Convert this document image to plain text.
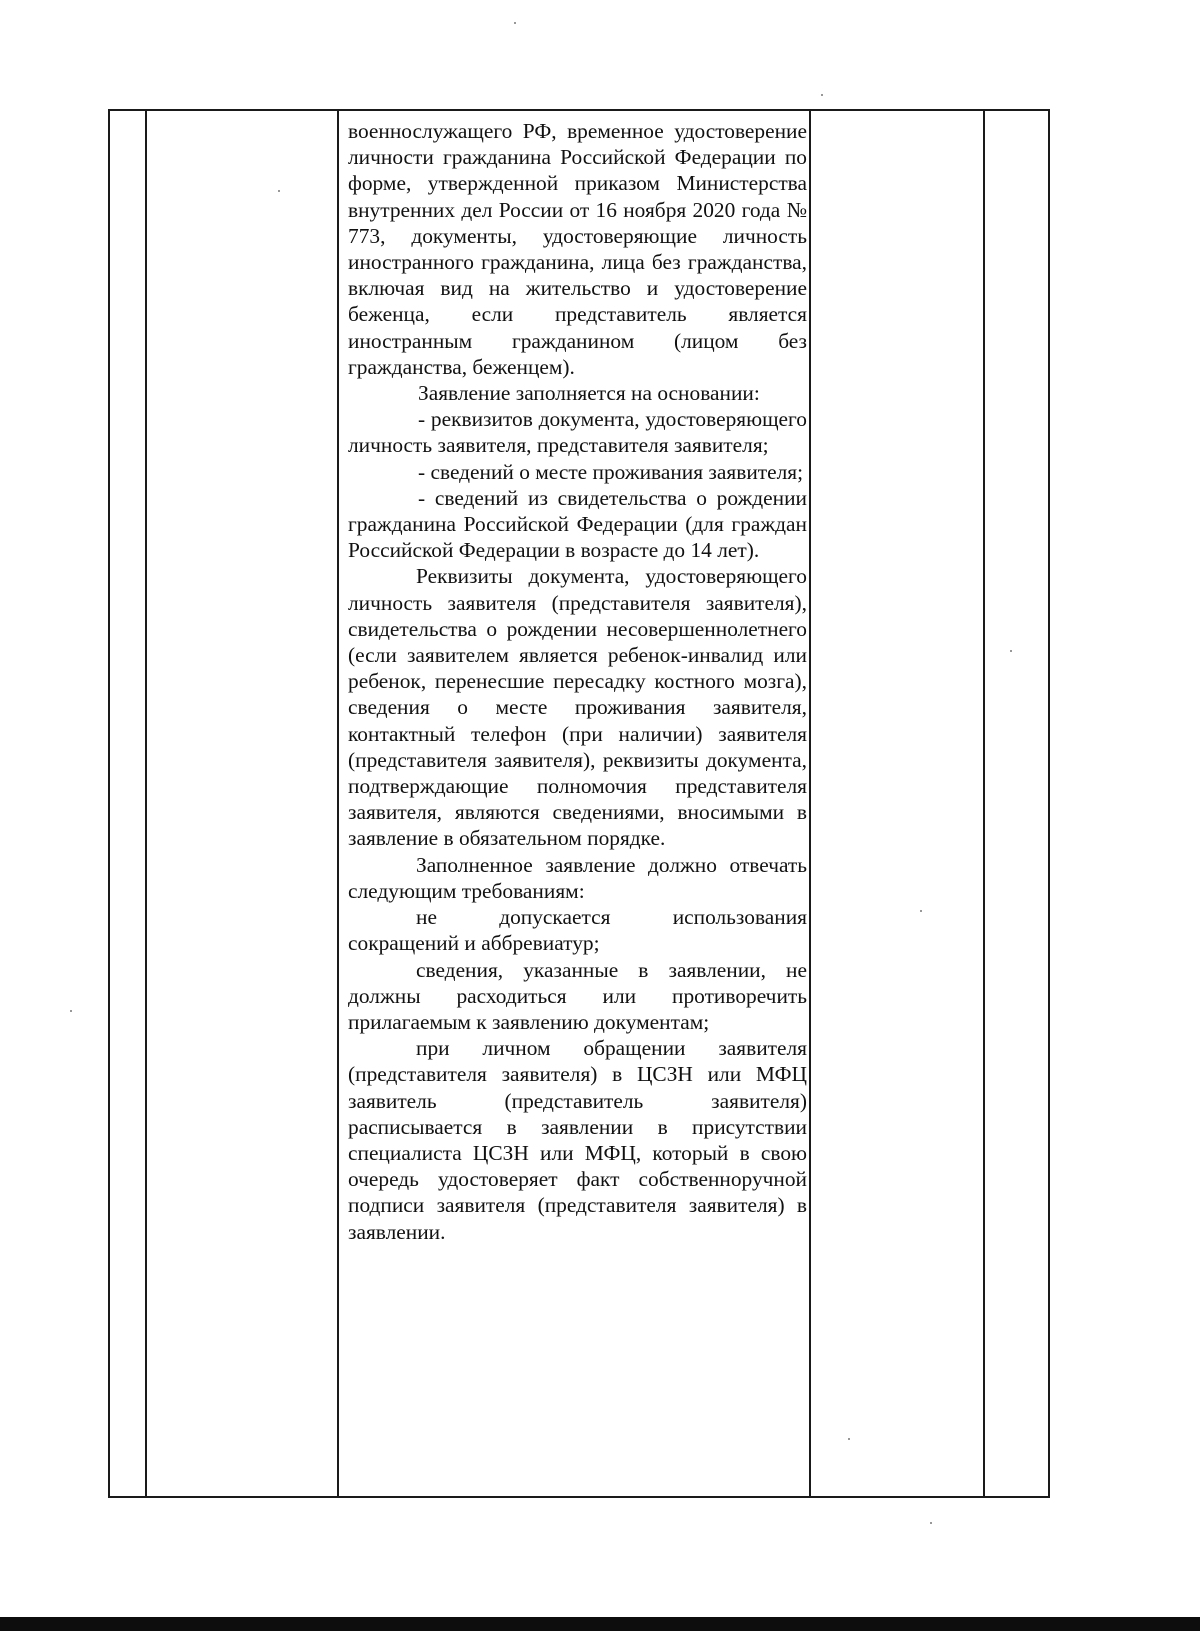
военнослужащего РФ, временное удостоверение личности гражданина Российской Федерации по форме, утвержденной приказом Министерства внутренних дел России от 16 ноября 2020 года № 773, документы, удостоверяющие личность иностранного гражданина, лица без гражданства, включая вид на жительство и удостоверение беженца, если представитель является иностранным гражданином (лицом без гражданства, беженцем).

Заявление заполняется на основании:

- реквизитов документа, удостоверяющего личность заявителя, представителя заявителя;

- сведений о месте проживания заявителя;

- сведений из свидетельства о рождении гражданина Российской Федерации (для граждан Российской Федерации в возрасте до 14 лет).

Реквизиты документа, удостоверяющего личность заявителя (представителя заявителя), свидетельства о рождении несовершеннолетнего (если заявителем является ребенок-инвалид или ребенок, перенесшие пересадку костного мозга), сведения о месте проживания заявителя, контактный телефон (при наличии) заявителя (представителя заявителя), реквизиты документа, подтверждающие полномочия представителя заявителя, являются сведениями, вносимыми в заявление в обязательном порядке.

Заполненное заявление должно отвечать следующим требованиям:

не допускается использования сокращений и аббревиатур;

сведения, указанные в заявлении, не должны расходиться или противоречить прилагаемым к заявлению документам;

при личном обращении заявителя (представителя заявителя) в ЦСЗН или МФЦ заявитель (представитель заявителя) расписывается в заявлении в присутствии специалиста ЦСЗН или МФЦ, который в свою очередь удостоверяет факт собственноручной подписи заявителя (представителя заявителя) в заявлении.
